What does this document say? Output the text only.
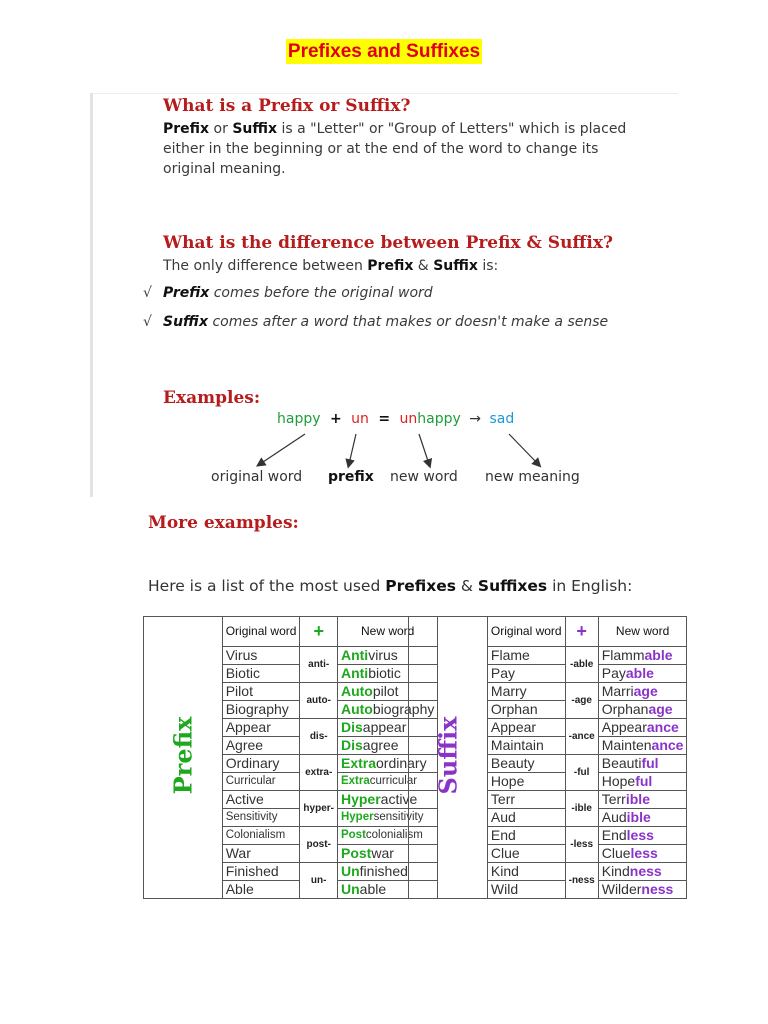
Prefixes and Suffixes
What is a Prefix or Suffix?
Prefix or Suffix is a "Letter" or "Group of Letters" which is placed
either in the beginning or at the end of the word to change its
original meaning.
What is the difference between Prefix & Suffix?
The only difference between Prefix & Suffix is:
√ Prefix comes before the original word
√ Suffix comes after a word that makes or doesn't make a sense
Examples:
happy + un = unhappy → sad
original word prefix new word new meaning
More examples:
Here is a list of the most used Prefixes & Suffixes in English:
Prefix	Original word	+	New word
	Virus	anti-	Antivirus
	Biotic		Antibiotic
	Pilot	auto-	Autopilot
	Biography		Autobiography
	Appear	dis-	Disappear
	Agree		Disagree
	Ordinary	extra-	Extraordinary
	Curricular		Extracurricular
	Active	hyper-	Hyperactive
	Sensitivity		Hypersensitivity
	Colonialism	post-	Postcolonialism
	War		Postwar
	Finished	un-	Unfinished
	Able		Unable
Suffix	Original word	+	New word
	Flame	-able	Flammable
	Pay		Payable
	Marry	-age	Marriage
	Orphan		Orphanage
	Appear	-ance	Appearance
	Maintain		Maintenance
	Beauty	-ful	Beautiful
	Hope		Hopeful
	Terr	-ible	Terrible
	Aud		Audible
	End	-less	Endless
	Clue		Clueless
	Kind	-ness	Kindness
	Wild		Wilderness
